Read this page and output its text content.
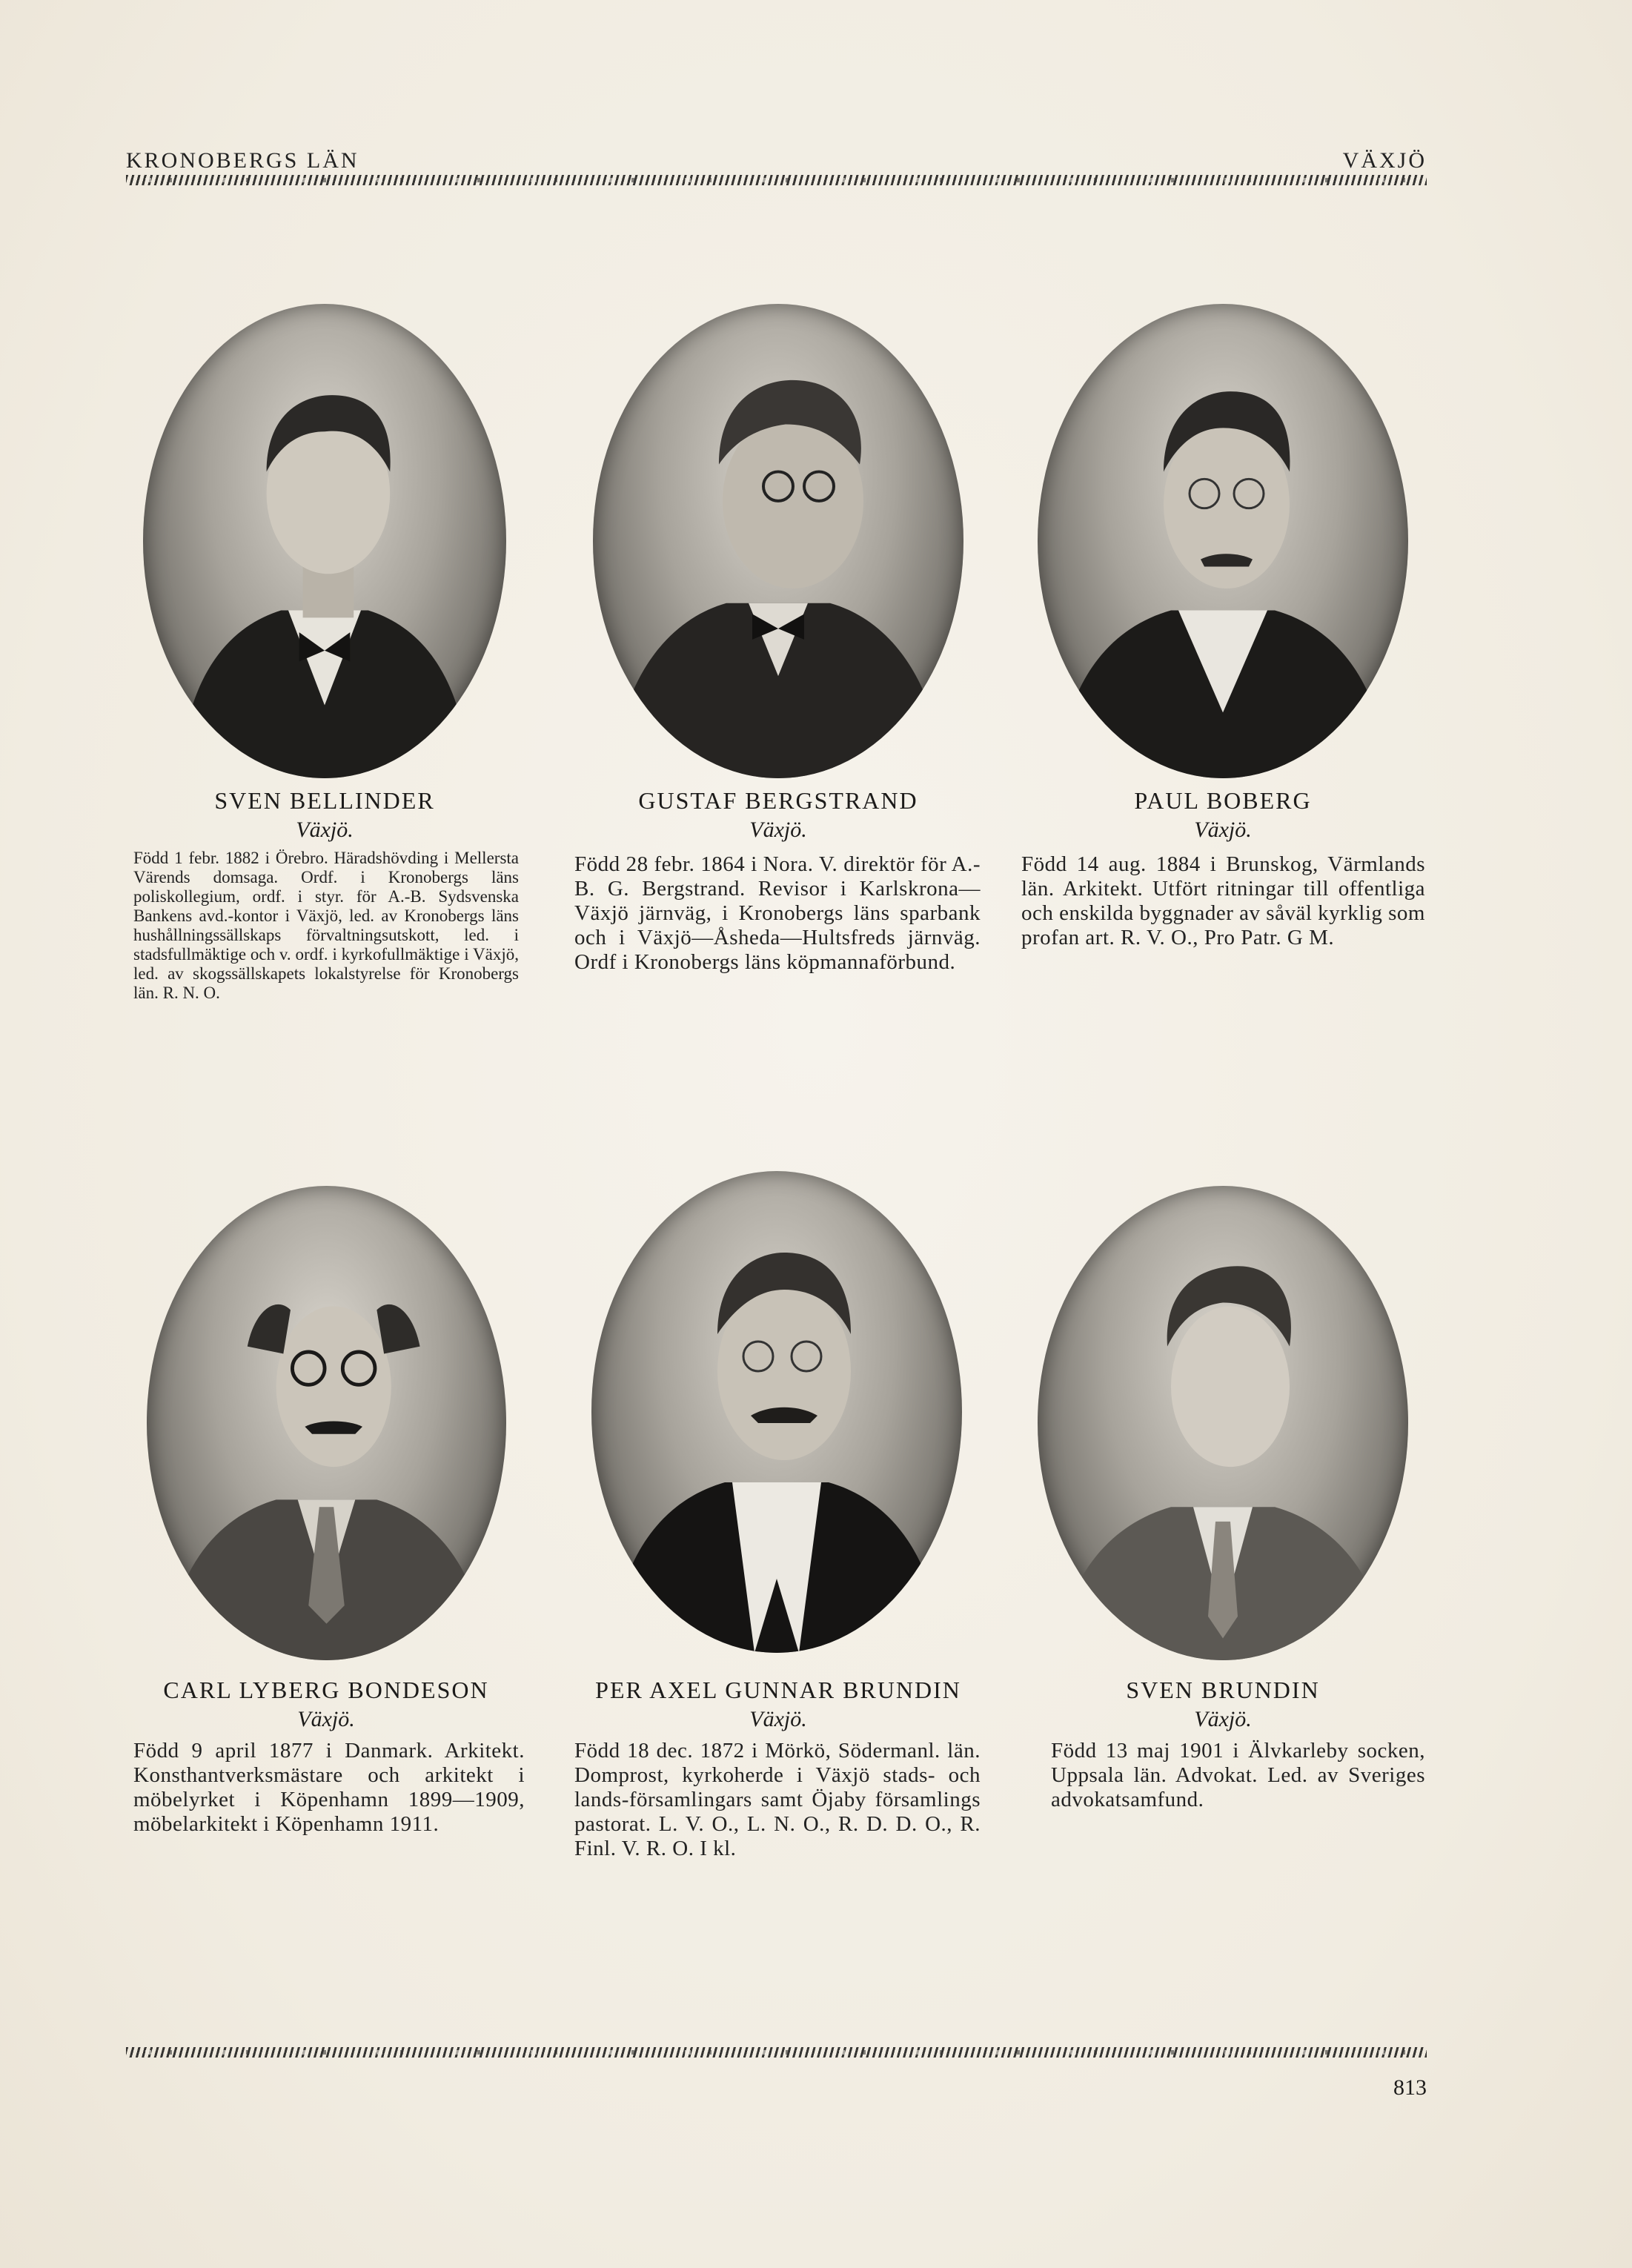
KRONOBERGS LÄN	VÄXJÖ
SVEN BELLINDER
Växjö.
Född 1 febr. 1882 i Örebro. Häradshövding i Mellersta Värends domsaga. Ordf. i Kronobergs läns poliskollegium, ordf. i styr. för A.-B. Sydsvenska Bankens avd.-kontor i Växjö, led. av Kronobergs läns hushållningssällskaps förvaltningsutskott, led. i stadsfullmäktige och v. ordf. i kyrkofullmäktige i Växjö, led. av skogssällskapets lokalstyrelse för Kronobergs län. R. N. O.
GUSTAF BERGSTRAND
Växjö.
Född 28 febr. 1864 i Nora. V. direktör för A.-B. G. Bergstrand. Revisor i Karlskrona—Växjö järnväg, i Kronobergs läns sparbank och i Växjö—Åsheda—Hultsfreds järnväg. Ordf i Kronobergs läns köpmannaförbund.
PAUL BOBERG
Växjö.
Född 14 aug. 1884 i Brunskog, Värmlands län. Arkitekt. Utfört ritningar till offentliga och enskilda byggnader av såväl kyrklig som profan art. R. V. O., Pro Patr. G M.
CARL LYBERG BONDESON
Växjö.
Född 9 april 1877 i Danmark. Arkitekt. Konsthantverksmästare och arkitekt i möbelyrket i Köpenhamn 1899—1909, möbelarkitekt i Köpenhamn 1911.
PER AXEL GUNNAR BRUNDIN
Växjö.
Född 18 dec. 1872 i Mörkö, Södermanl. län. Domprost, kyrkoherde i Växjö stads- och lands-församlingars samt Öjaby församlings pastorat. L. V. O., L. N. O., R. D. D. O., R. Finl. V. R. O. I kl.
SVEN BRUNDIN
Växjö.
Född 13 maj 1901 i Älvkarleby socken, Uppsala län. Advokat. Led. av Sveriges advokatsamfund.
813
